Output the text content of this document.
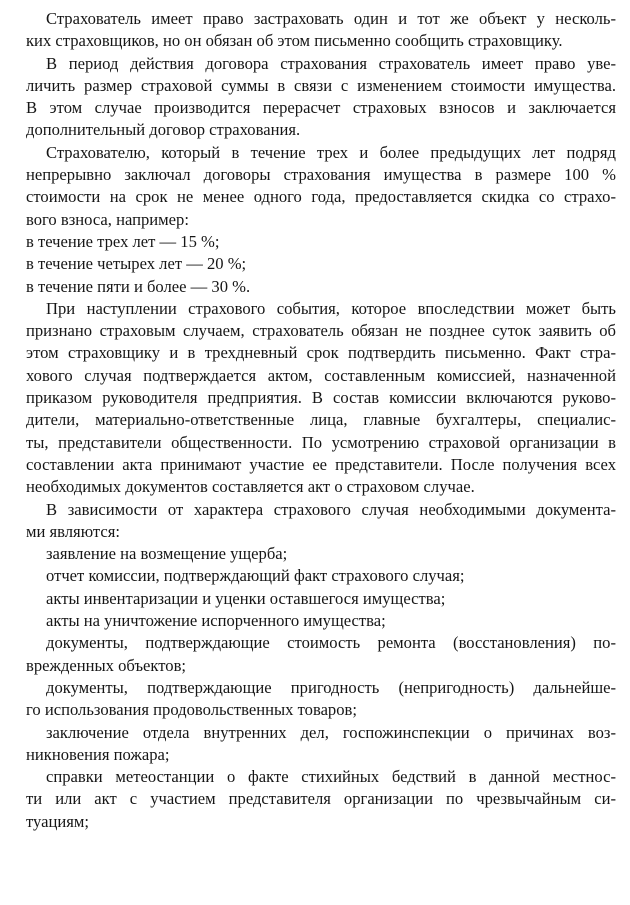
Страхователь имеет право застраховать один и тот же объект у несколь-
ких страховщиков, но он обязан об этом письменно сообщить страховщику.
В период действия договора страхования страхователь имеет право уве-
личить размер страховой суммы в связи с изменением стоимости имущества.
В этом случае производится перерасчет страховых взносов и заключается
дополнительный договор страхования.
Страхователю, который в течение трех и более предыдущих лет подряд
непрерывно заключал договоры страхования имущества в размере 100 %
стоимости на срок не менее одного года, предоставляется скидка со страхо-
вого взноса, например:
в течение трех лет — 15 %;
в течение четырех лет — 20 %;
в течение пяти и более — 30 %.
При наступлении страхового события, которое впоследствии может быть
признано страховым случаем, страхователь обязан не позднее суток заявить об
этом страховщику и в трехдневный срок подтвердить письменно. Факт стра-
хового случая подтверждается актом, составленным комиссией, назначенной
приказом руководителя предприятия. В состав комиссии включаются руково-
дители, материально-ответственные лица, главные бухгалтеры, специалис-
ты, представители общественности. По усмотрению страховой организации в
составлении акта принимают участие ее представители. После получения всех
необходимых документов составляется акт о страховом случае.
В зависимости от характера страхового случая необходимыми документа-
ми являются:
заявление на возмещение ущерба;
отчет комиссии, подтверждающий факт страхового случая;
акты инвентаризации и уценки оставшегося имущества;
акты на уничтожение испорченного имущества;
документы, подтверждающие стоимость ремонта (восстановления) по-
врежденных объектов;
документы, подтверждающие пригодность (непригодность) дальнейше-
го использования продовольственных товаров;
заключение отдела внутренних дел, госпожинспекции о причинах воз-
никновения пожара;
справки метеостанции о факте стихийных бедствий в данной местнос-
ти или акт с участием представителя организации по чрезвычайным си-
туациям;
